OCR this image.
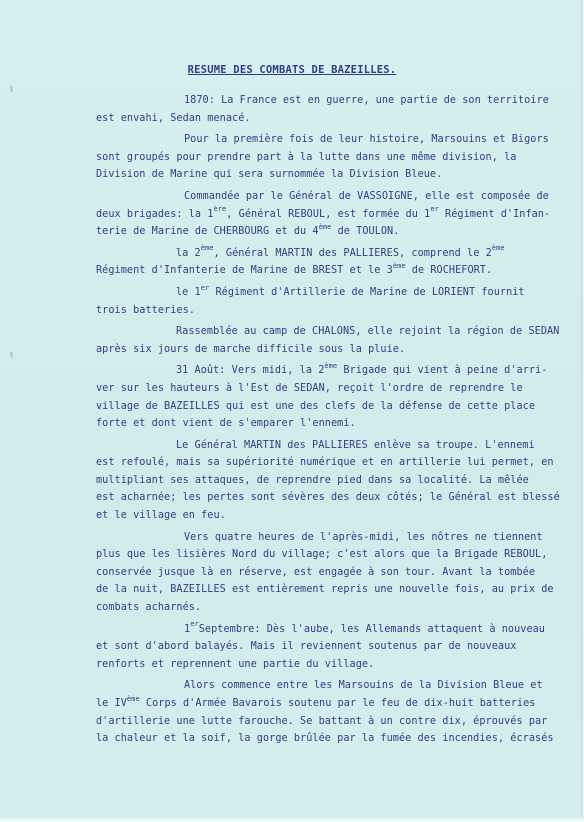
RESUME DES COMBATS DE BAZEILLES.
1870: La France est en guerre, une partie de son territoire
est envahi, Sedan menacé.
Pour la première fois de leur histoire, Marsouins et Bigors
sont groupés pour prendre part à la lutte dans une même division, la
Division de Marine qui sera surnommée la Division Bleue.
Commandée par le Général de VASSOIGNE, elle est composée de
deux brigades: la 1ère, Général REBOUL, est formée du 1er Régiment d'Infan-
terie de Marine de CHERBOURG et du 4ème de TOULON.
la 2ème, Général MARTIN des PALLIERES, comprend le 2ème
Régiment d'Infanterie de Marine de BREST et le 3ème de ROCHEFORT.
le 1er Régiment d'Artillerie de Marine de LORIENT fournit
trois batteries.
Rassemblée au camp de CHALONS, elle rejoint la région de SEDAN
après six jours de marche difficile sous la pluie.
31 Août: Vers midi, la 2ème Brigade qui vient à peine d'arri-
ver sur les hauteurs à l'Est de SEDAN, reçoit l'ordre de reprendre le
village de BAZEILLES qui est une des clefs de la défense de cette place
forte et dont vient de s'emparer l'ennemi.
Le Général MARTIN des PALLIERES enlève sa troupe. L'ennemi
est refoulé, mais sa supériorité numérique et en artillerie lui permet, en
multipliant ses attaques, de reprendre pied dans sa localité. La mêlée
est acharnée; les pertes sont sévères des deux côtés; le Général est blessé
et le village en feu.
Vers quatre heures de l'après-midi, les nôtres ne tiennent
plus que les lisières Nord du village; c'est alors que la Brigade REBOUL,
conservée jusque là en réserve, est engagée à son tour. Avant la tombée
de la nuit, BAZEILLES est entièrement repris une nouvelle fois, au prix de
combats acharnés.
1erSeptembre: Dès l'aube, les Allemands attaquent à nouveau
et sont d'abord balayés. Mais il reviennent soutenus par de nouveaux
renforts et reprennent une partie du village.
Alors commence entre les Marsouins de la Division Bleue et
le IVème Corps d'Armée Bavarois soutenu par le feu de dix-huit batteries
d'artillerie une lutte farouche. Se battant à un contre dix, éprouvés par
la chaleur et la soif, la gorge brûlée par la fumée des incendies, écrasés
